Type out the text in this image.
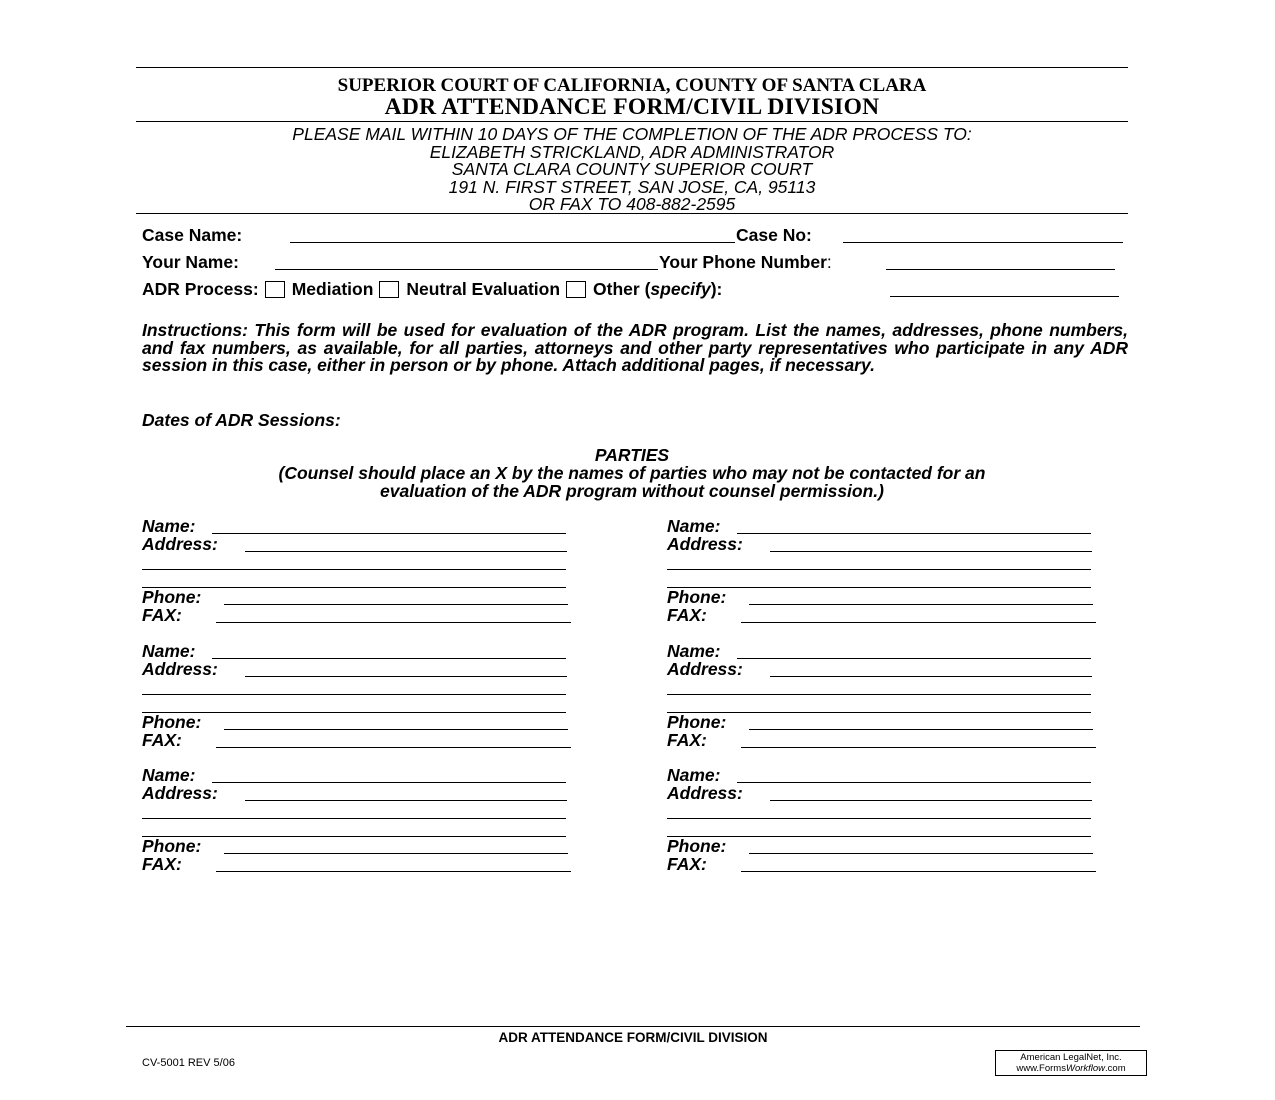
SUPERIOR COURT OF CALIFORNIA, COUNTY OF SANTA CLARA
ADR ATTENDANCE FORM/CIVIL DIVISION
PLEASE MAIL WITHIN 10 DAYS OF THE COMPLETION OF THE ADR PROCESS TO:
ELIZABETH STRICKLAND, ADR ADMINISTRATOR
SANTA CLARA COUNTY SUPERIOR COURT
191 N. FIRST STREET, SAN JOSE, CA, 95113
OR FAX TO 408-882-2595
Case Name:	Case No:
Your Name:	Your Phone Number:
ADR Process: Mediation Neutral Evaluation Other (specify):
Instructions: This form will be used for evaluation of the ADR program. List the names, addresses, phone numbers, and fax numbers, as available, for all parties, attorneys and other party representatives who participate in any ADR session in this case, either in person or by phone. Attach additional pages, if necessary.
Dates of ADR Sessions:
PARTIES
(Counsel should place an X by the names of parties who may not be contacted for an
evaluation of the ADR program without counsel permission.)
Name:
Address:
Phone:
FAX:
Name:
Address:
Phone:
FAX:
Name:
Address:
Phone:
FAX:
Name:
Address:
Phone:
FAX:
Name:
Address:
Phone:
FAX:
Name:
Address:
Phone:
FAX:
ADR ATTENDANCE FORM/CIVIL DIVISION
CV-5001 REV 5/06	American LegalNet, Inc.
www.FormsWorkflow.com
